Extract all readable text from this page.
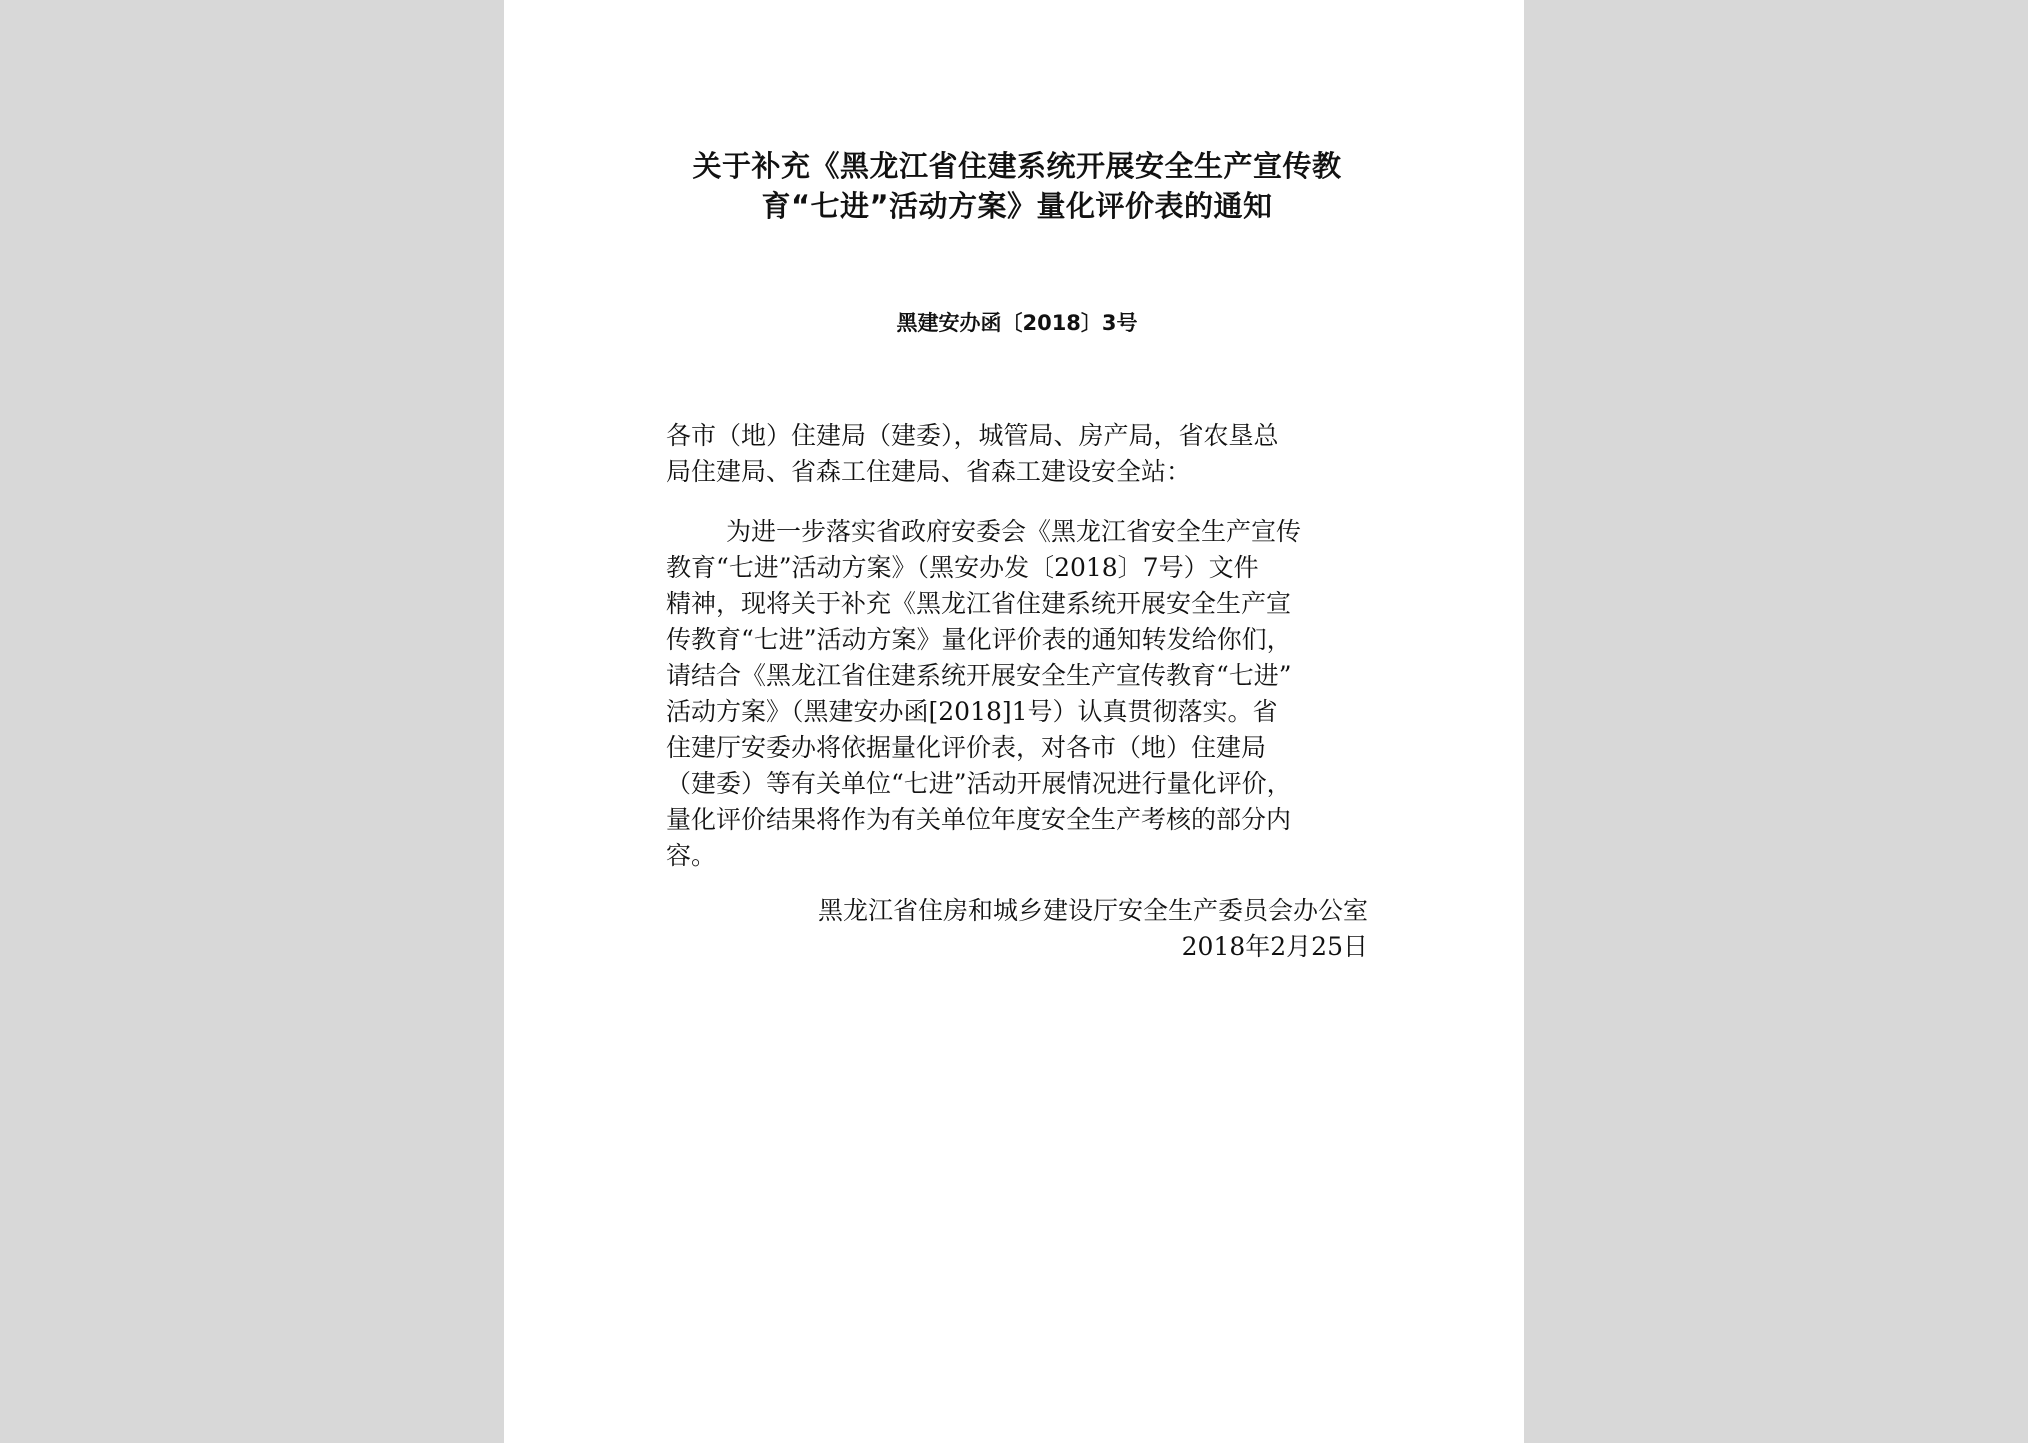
关于补充《黑龙江省住建系统开展安全生产宣传教
育“七进”活动方案》量化评价表的通知
黑建安办函〔2018〕3号
各市（地）住建局（建委），城管局、房产局，省农垦总
局住建局、省森工住建局、省森工建设安全站：
为进一步落实省政府安委会《黑龙江省安全生产宣传
教育“七进”活动方案》（黑安办发〔2018〕7号）文件
精神，现将关于补充《黑龙江省住建系统开展安全生产宣
传教育“七进”活动方案》量化评价表的通知转发给你们，
请结合《黑龙江省住建系统开展安全生产宣传教育“七进”
活动方案》（黑建安办函[2018]1号）认真贯彻落实。省
住建厅安委办将依据量化评价表，对各市（地）住建局
（建委）等有关单位“七进”活动开展情况进行量化评价，
量化评价结果将作为有关单位年度安全生产考核的部分内
容。
黑龙江省住房和城乡建设厅安全生产委员会办公室
2018年2月25日
